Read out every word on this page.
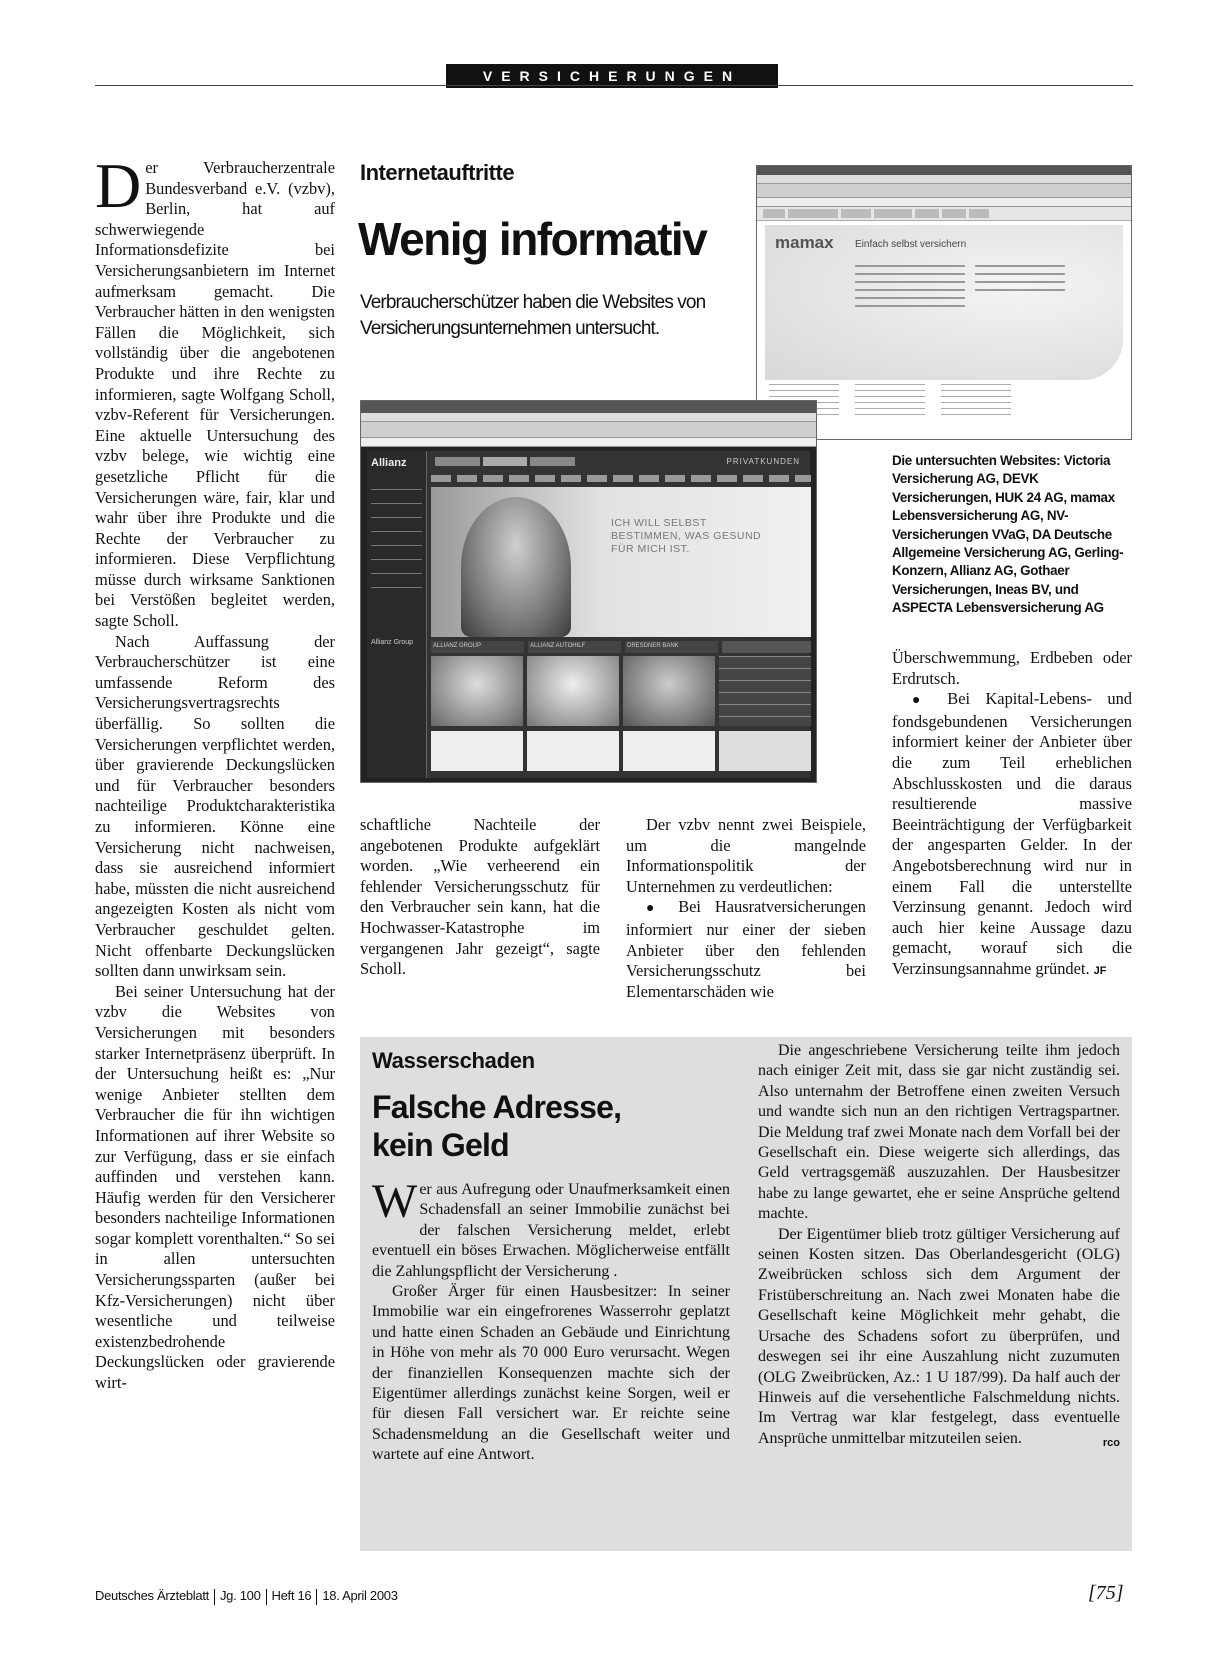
VERSICHERUNGEN

Der Verbraucherzentrale Bundesverband e.V. (vzbv), Berlin, hat auf schwerwiegende Informationsdefizite bei Versicherungsanbietern im Internet aufmerksam gemacht. Die Verbraucher hätten in den wenigsten Fällen die Möglichkeit, sich vollständig über die angebotenen Produkte und ihre Rechte zu informieren, sagte Wolfgang Scholl, vzbv-Referent für Versicherungen. Eine aktuelle Untersuchung des vzbv belege, wie wichtig eine gesetzliche Pflicht für die Versicherungen wäre, fair, klar und wahr über ihre Produkte und die Rechte der Verbraucher zu informieren. Diese Verpflichtung müsse durch wirksame Sanktionen bei Verstößen begleitet werden, sagte Scholl.

Nach Auffassung der Verbraucherschützer ist eine umfassende Reform des Versicherungsvertragsrechts überfällig. So sollten die Versicherungen verpflichtet werden, über gravierende Deckungslücken und für Verbraucher besonders nachteilige Produktcharakteristika zu informieren. Könne eine Versicherung nicht nachweisen, dass sie ausreichend informiert habe, müssten die nicht ausreichend angezeigten Kosten als nicht vom Verbraucher geschuldet gelten. Nicht offenbarte Deckungslücken sollten dann unwirksam sein.

Bei seiner Untersuchung hat der vzbv die Websites von Versicherungen mit besonders starker Internetpräsenz überprüft. In der Untersuchung heißt es: „Nur wenige Anbieter stellten dem Verbraucher die für ihn wichtigen Informationen auf ihrer Website so zur Verfügung, dass er sie einfach auffinden und verstehen kann. Häufig werden für den Versicherer besonders nachteilige Informationen sogar komplett vorenthalten.“ So sei in allen untersuchten Versicherungssparten (außer bei Kfz-Versicherungen) nicht über wesentliche und teilweise existenzbedrohende Deckungslücken oder gravierende wirt-

Internetauftritte
Wenig informativ
Verbraucherschützer haben die Websites von Versicherungsunternehmen untersucht.
mamax Einfach selbst versichern
Allianz
Allianz Group
PRIVATKUNDEN
ICH WILL SELBST BESTIMMEN, WAS GESUND FÜR MICH IST.
ALLIANZ GROUP	ALLIANZ AUTOHILF	DRESDNER BANK
Die untersuchten Websites: Victoria Versicherung AG, DEVK Versicherungen, HUK 24 AG, mamax Lebensversicherung AG, NV-Versicherungen VVaG, DA Deutsche Allgemeine Versicherung AG, Gerling-Konzern, Allianz AG, Gothaer Versicherungen, Ineas BV, und ASPECTA Lebensversicherung AG

schaftliche Nachteile der angebotenen Produkte aufgeklärt worden. „Wie verheerend ein fehlender Versicherungsschutz für den Verbraucher sein kann, hat die Hochwasser-Katastrophe im vergangenen Jahr gezeigt“, sagte Scholl.

Der vzbv nennt zwei Beispiele, um die mangelnde Informationspolitik der Unternehmen zu verdeutlichen:

● Bei Hausratversicherungen informiert nur einer der sieben Anbieter über den fehlenden Versicherungsschutz bei Elementarschäden wie

Überschwemmung, Erdbeben oder Erdrutsch.

● Bei Kapital-Lebens- und fondsgebundenen Versicherungen informiert keiner der Anbieter über die zum Teil erheblichen Abschlusskosten und die daraus resultierende massive Beeinträchtigung der Verfügbarkeit der angesparten Gelder. In der Angebotsberechnung wird nur in einem Fall die unterstellte Verzinsung genannt. Jedoch wird auch hier keine Aussage dazu gemacht, worauf sich die Verzinsungsannahme gründet. JF

Wasserschaden
Falsche Adresse, kein Geld

Wer aus Aufregung oder Unaufmerksamkeit einen Schadensfall an seiner Immobilie zunächst bei der falschen Versicherung meldet, erlebt eventuell ein böses Erwachen. Möglicherweise entfällt die Zahlungspflicht der Versicherung .

Großer Ärger für einen Hausbesitzer: In seiner Immobilie war ein eingefrorenes Wasserrohr geplatzt und hatte einen Schaden an Gebäude und Einrichtung in Höhe von mehr als 70 000 Euro verursacht. Wegen der finanziellen Konsequenzen machte sich der Eigentümer allerdings zunächst keine Sorgen, weil er für diesen Fall versichert war. Er reichte seine Schadensmeldung an die Gesellschaft weiter und wartete auf eine Antwort.

Die angeschriebene Versicherung teilte ihm jedoch nach einiger Zeit mit, dass sie gar nicht zuständig sei. Also unternahm der Betroffene einen zweiten Versuch und wandte sich nun an den richtigen Vertragspartner. Die Meldung traf zwei Monate nach dem Vorfall bei der Gesellschaft ein. Diese weigerte sich allerdings, das Geld vertragsgemäß auszuzahlen. Der Hausbesitzer habe zu lange gewartet, ehe er seine Ansprüche geltend machte.

Der Eigentümer blieb trotz gültiger Versicherung auf seinen Kosten sitzen. Das Oberlandesgericht (OLG) Zweibrücken schloss sich dem Argument der Fristüberschreitung an. Nach zwei Monaten habe die Gesellschaft keine Möglichkeit mehr gehabt, die Ursache des Schadens sofort zu überprüfen, und deswegen sei ihr eine Auszahlung nicht zuzumuten (OLG Zweibrücken, Az.: 1 U 187/99). Da half auch der Hinweis auf die versehentliche Falschmeldung nichts. Im Vertrag war klar festgelegt, dass eventuelle Ansprüche unmittelbar mitzuteilen seien.	rco

Deutsches Ärzteblatt Jg. 100 Heft 16 18. April 2003	[75]
